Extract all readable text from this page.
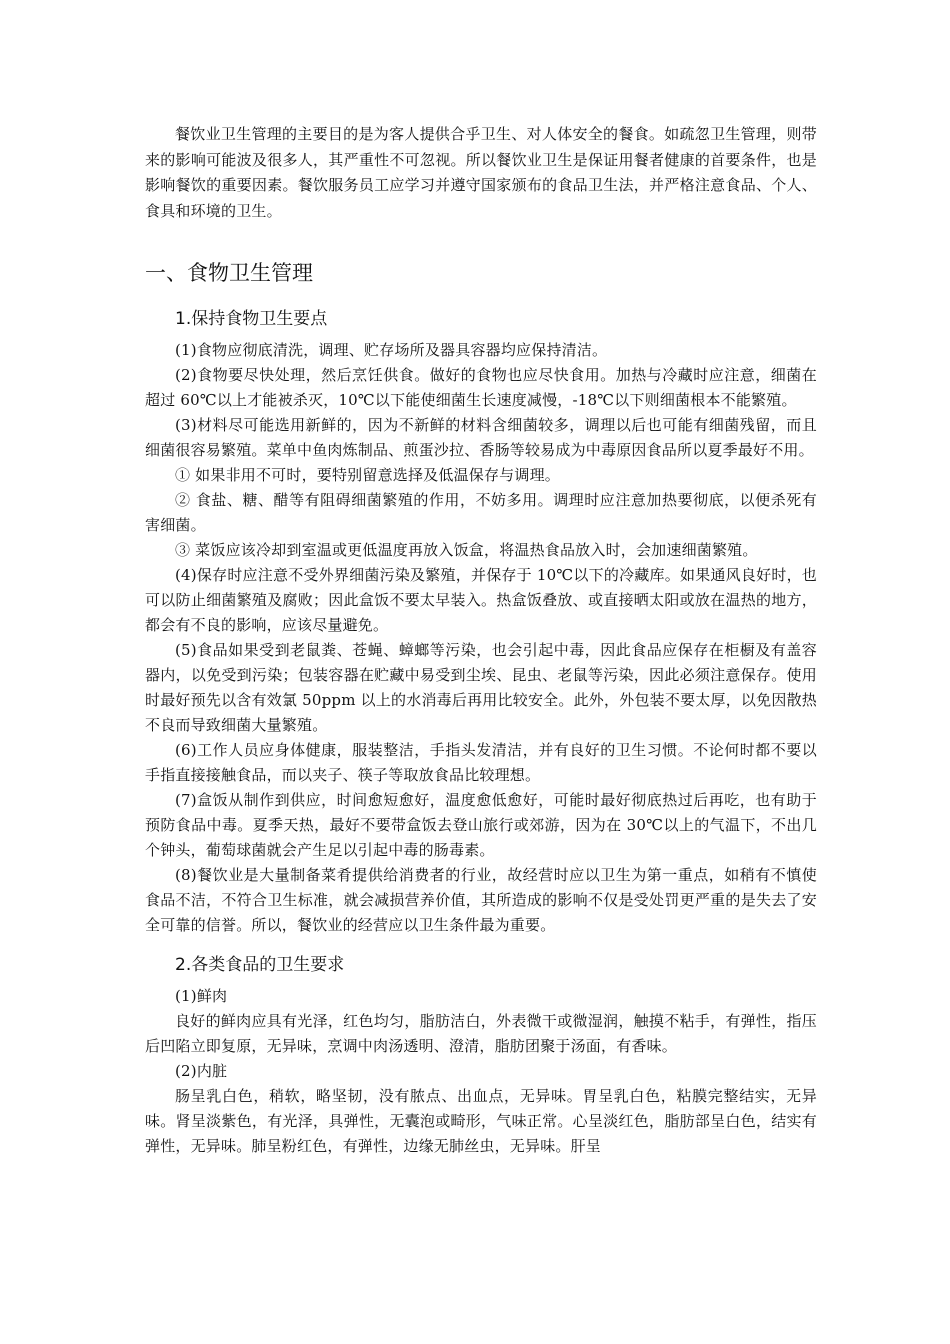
餐饮业卫生管理的主要目的是为客人提供合乎卫生、对人体安全的餐食。如疏忽卫生管理，则带来的影响可能波及很多人，其严重性不可忽视。所以餐饮业卫生是保证用餐者健康的首要条件，也是影响餐饮的重要因素。餐饮服务员工应学习并遵守国家颁布的食品卫生法，并严格注意食品、个人、食具和环境的卫生。

一、食物卫生管理
1.保持食物卫生要点

(1)食物应彻底清洗，调理、贮存场所及器具容器均应保持清洁。

(2)食物要尽快处理，然后烹饪供食。做好的食物也应尽快食用。加热与冷藏时应注意，细菌在超过 60℃以上才能被杀灭，10℃以下能使细菌生长速度减慢，-18℃以下则细菌根本不能繁殖。

(3)材料尽可能选用新鲜的，因为不新鲜的材料含细菌较多，调理以后也可能有细菌残留，而且细菌很容易繁殖。菜单中鱼肉炼制品、煎蛋沙拉、香肠等较易成为中毒原因食品所以夏季最好不用。

① 如果非用不可时，要特别留意选择及低温保存与调理。

② 食盐、糖、醋等有阻碍细菌繁殖的作用，不妨多用。调理时应注意加热要彻底，以便杀死有害细菌。

③ 菜饭应该冷却到室温或更低温度再放入饭盒，将温热食品放入时，会加速细菌繁殖。

(4)保存时应注意不受外界细菌污染及繁殖，并保存于 10℃以下的冷藏库。如果通风良好时，也可以防止细菌繁殖及腐败；因此盒饭不要太早装入。热盒饭叠放、或直接晒太阳或放在温热的地方，都会有不良的影响，应该尽量避免。

(5)食品如果受到老鼠粪、苍蝇、蟑螂等污染，也会引起中毒，因此食品应保存在柜橱及有盖容器内，以免受到污染；包装容器在贮藏中易受到尘埃、昆虫、老鼠等污染，因此必须注意保存。使用时最好预先以含有效氯 50ppm 以上的水消毒后再用比较安全。此外，外包装不要太厚，以免因散热不良而导致细菌大量繁殖。

(6)工作人员应身体健康，服装整洁，手指头发清洁，并有良好的卫生习惯。不论何时都不要以手指直接接触食品，而以夹子、筷子等取放食品比较理想。

(7)盒饭从制作到供应，时间愈短愈好，温度愈低愈好，可能时最好彻底热过后再吃，也有助于预防食品中毒。夏季天热，最好不要带盒饭去登山旅行或郊游，因为在 30℃以上的气温下，不出几个钟头，葡萄球菌就会产生足以引起中毒的肠毒素。

(8)餐饮业是大量制备菜肴提供给消费者的行业，故经营时应以卫生为第一重点，如稍有不慎使食品不洁，不符合卫生标准，就会减损营养价值，其所造成的影响不仅是受处罚更严重的是失去了安全可靠的信誉。所以，餐饮业的经营应以卫生条件最为重要。

2.各类食品的卫生要求

(1)鲜肉

良好的鲜肉应具有光泽，红色均匀，脂肪洁白，外表微干或微湿润，触摸不粘手，有弹性，指压后凹陷立即复原，无异味，烹调中肉汤透明、澄清，脂肪团聚于汤面，有香味。

(2)内脏

肠呈乳白色，稍软，略坚韧，没有脓点、出血点，无异味。胃呈乳白色，粘膜完整结实，无异味。肾呈淡紫色，有光泽，具弹性，无囊泡或畸形，气味正常。心呈淡红色，脂肪部呈白色，结实有弹性，无异味。肺呈粉红色，有弹性，边缘无肺丝虫，无异味。肝呈
